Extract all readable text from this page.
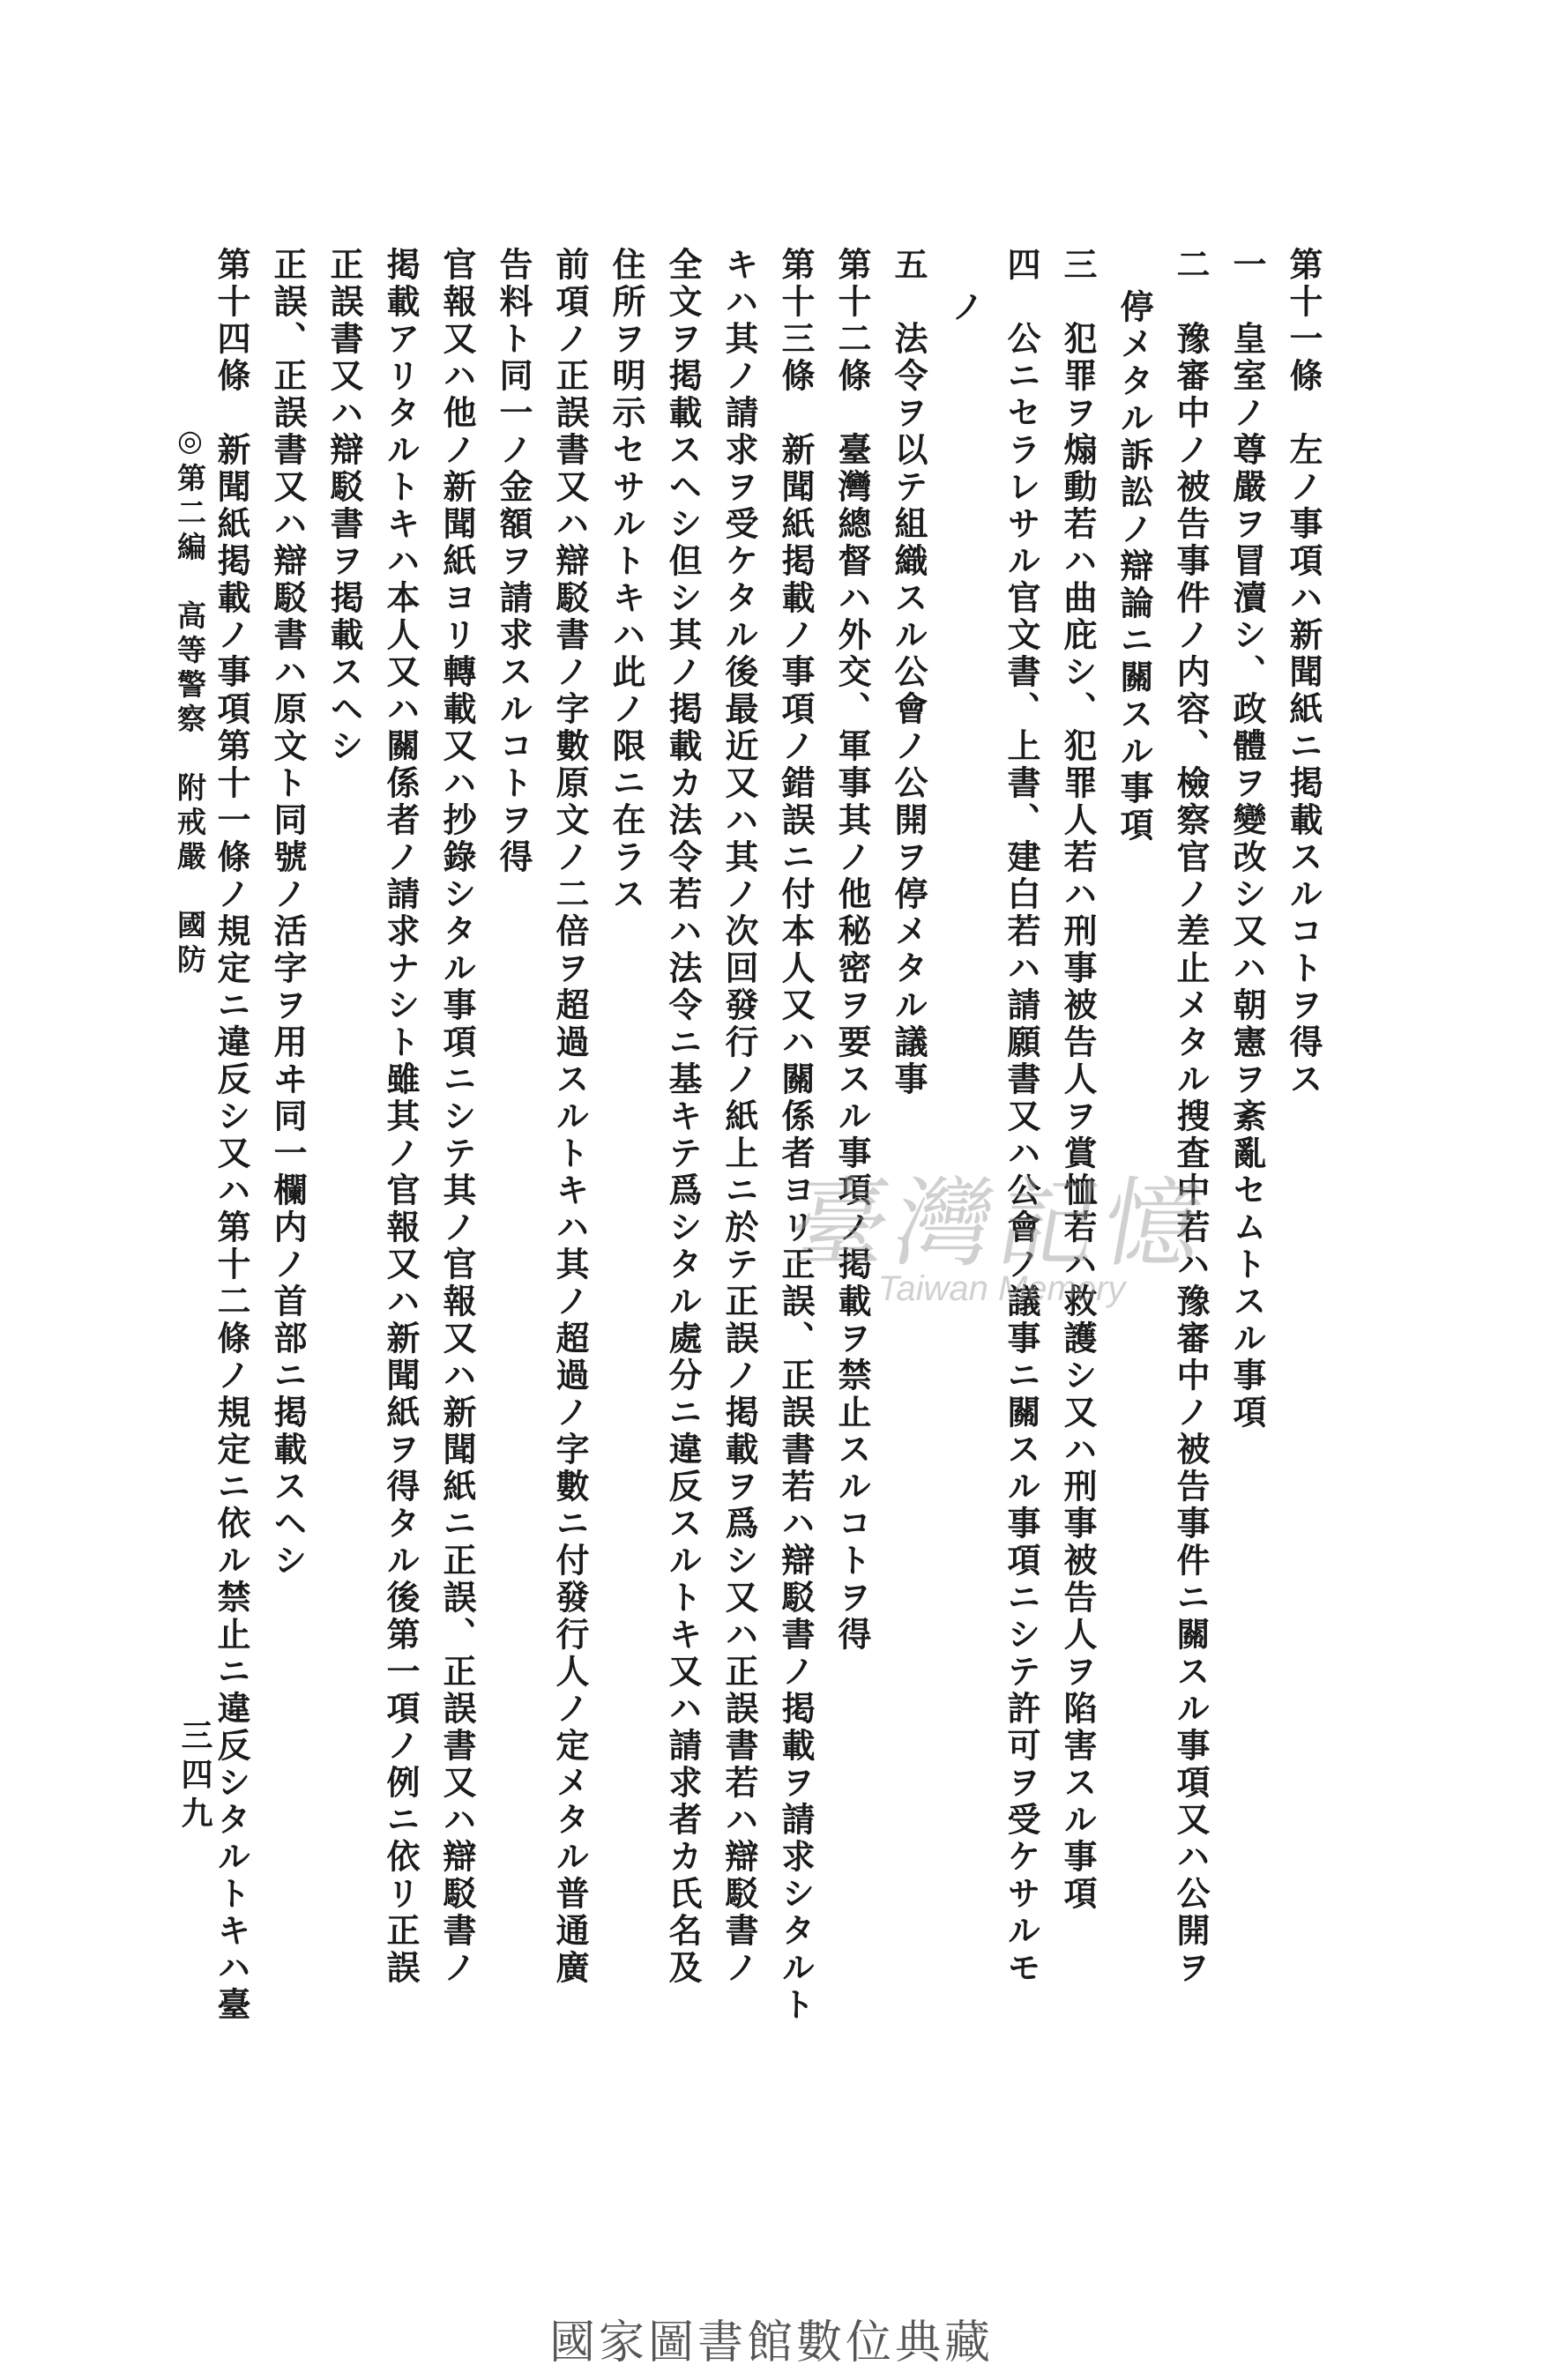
第十一條　左ノ事項ハ新聞紙ニ掲載スルコトヲ得ス
一　皇室ノ尊嚴ヲ冒瀆シ、政體ヲ變改シ又ハ朝憲ヲ紊亂セムトスル事項
二　豫審中ノ被告事件ノ内容、檢察官ノ差止メタル搜査中若ハ豫審中ノ被告事件ニ關スル事項又ハ公開ヲ
停メタル訴訟ノ辯論ニ關スル事項
三　犯罪ヲ煽動若ハ曲庇シ、犯罪人若ハ刑事被告人ヲ賞恤若ハ救護シ又ハ刑事被告人ヲ陷害スル事項
四　公ニセラレサル官文書、上書、建白若ハ請願書又ハ公會ノ議事ニ關スル事項ニシテ許可ヲ受ケサルモ
ノ
五　法令ヲ以テ組織スル公會ノ公開ヲ停メタル議事
第十二條　臺灣總督ハ外交、軍事其ノ他秘密ヲ要スル事項ノ掲載ヲ禁止スルコトヲ得
第十三條　新聞紙掲載ノ事項ノ錯誤ニ付本人又ハ關係者ヨリ正誤、正誤書若ハ辯駁書ノ掲載ヲ請求シタルト
キハ其ノ請求ヲ受ケタル後最近又ハ其ノ次回發行ノ紙上ニ於テ正誤ノ掲載ヲ爲シ又ハ正誤書若ハ辯駁書ノ
全文ヲ掲載スヘシ但シ其ノ掲載カ法令若ハ法令ニ基キテ爲シタル處分ニ違反スルトキ又ハ請求者カ氏名及
住所ヲ明示セサルトキハ此ノ限ニ在ラス
前項ノ正誤書又ハ辯駁書ノ字數原文ノ二倍ヲ超過スルトキハ其ノ超過ノ字數ニ付發行人ノ定メタル普通廣
告料ト同一ノ金額ヲ請求スルコトヲ得
官報又ハ他ノ新聞紙ヨリ轉載又ハ抄錄シタル事項ニシテ其ノ官報又ハ新聞紙ニ正誤、正誤書又ハ辯駁書ノ
掲載アリタルトキハ本人又ハ關係者ノ請求ナシト雖其ノ官報又ハ新聞紙ヲ得タル後第一項ノ例ニ依リ正誤
正誤書又ハ辯駁書ヲ掲載スヘシ
正誤、正誤書又ハ辯駁書ハ原文ト同號ノ活字ヲ用ヰ同一欄内ノ首部ニ掲載スヘシ
第十四條　新聞紙掲載ノ事項第十一條ノ規定ニ違反シ又ハ第十二條ノ規定ニ依ル禁止ニ違反シタルトキハ臺
◎第二編　高等警察　附戒嚴　國防
三四九
臺灣記憶
Taiwan Memory
國家圖書館數位典藏
